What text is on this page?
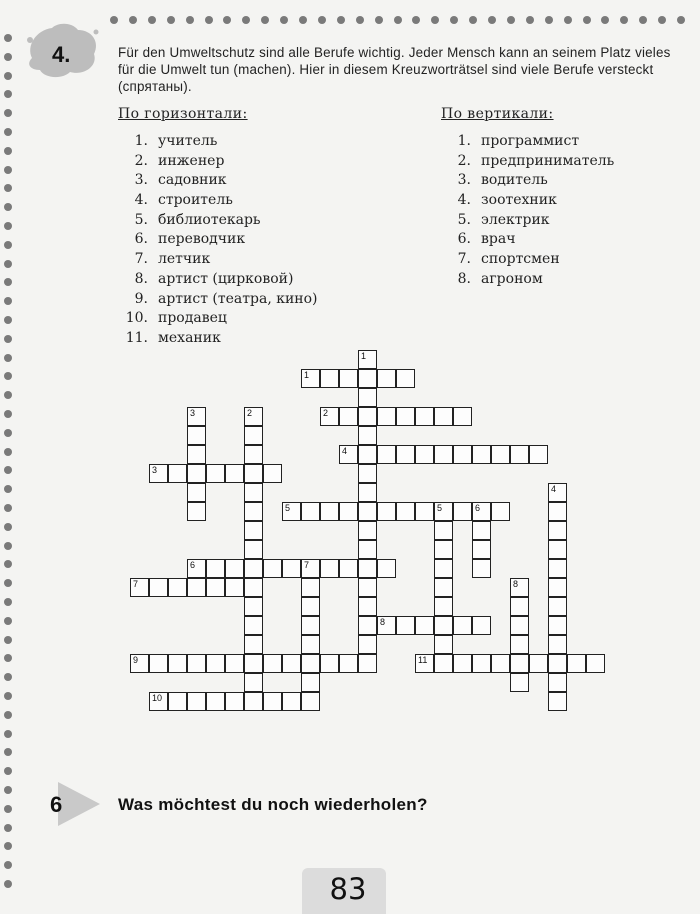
4.	Für den Umweltschutz sind alle Berufe wichtig. Jeder Mensch kann an seinem Platz vieles für die Umwelt tun (machen). Hier in diesem Kreuzworträtsel sind viele Berufe versteckt (спрятаны).
По горизонтали:
1. учитель
2. инженер
3. садовник
4. строитель
5. библиотекарь
6. переводчик
7. летчик
8. артист (цирковой)
9. артист (театра, кино)
10. продавец
11. механик
По вертикали:
1. программист
2. предприниматель
3. водитель
4. зоотехник
5. электрик
6. врач
7. спортсмен
8. агроном
1
2
3
4
5	5	6
6	7
7
8
9
10
11
1
2
3
4
8
6	Was möchtest du noch wiederholen?
83
